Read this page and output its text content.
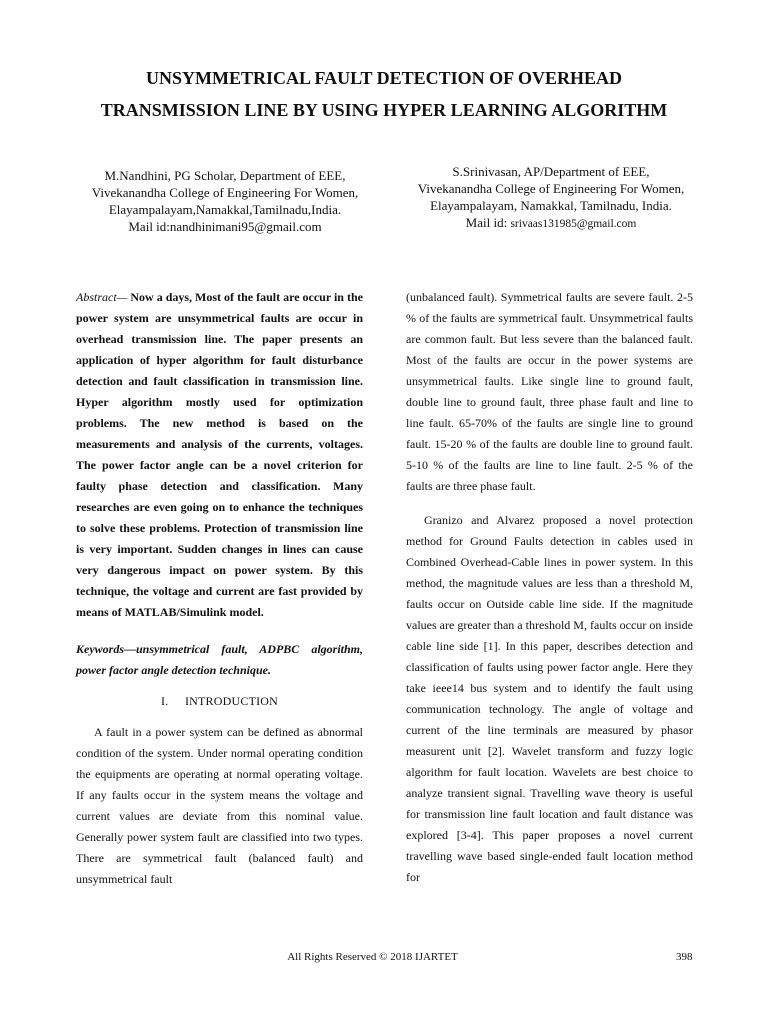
UNSYMMETRICAL FAULT DETECTION OF OVERHEAD
TRANSMISSION LINE BY USING HYPER LEARNING ALGORITHM
M.Nandhini, PG Scholar, Department of EEE,
Vivekanandha College of Engineering For Women,
Elayampalayam,Namakkal,Tamilnadu,India.
Mail id:nandhinimani95@gmail.com
S.Srinivasan, AP/Department of EEE,
Vivekanandha College of Engineering For Women,
Elayampalayam, Namakkal, Tamilnadu, India.
Mail id: srivaas131985@gmail.com

Abstract— Now a days, Most of the fault are occur in the power system are unsymmetrical faults are occur in overhead transmission line. The paper presents an application of hyper algorithm for fault disturbance detection and fault classification in transmission line. Hyper algorithm mostly used for optimization problems. The new method is based on the measurements and analysis of the currents, voltages. The power factor angle can be a novel criterion for faulty phase detection and classification. Many researches are even going on to enhance the techniques to solve these problems. Protection of transmission line is very important. Sudden changes in lines can cause very dangerous impact on power system. By this technique, the voltage and current are fast provided by means of MATLAB/Simulink model.

Keywords—unsymmetrical fault, ADPBC algorithm, power factor angle detection technique.

I. INTRODUCTION

A fault in a power system can be defined as abnormal condition of the system. Under normal operating condition the equipments are operating at normal operating voltage. If any faults occur in the system means the voltage and current values are deviate from this nominal value. Generally power system fault are classified into two types. There are symmetrical fault (balanced fault) and unsymmetrical fault

(unbalanced fault). Symmetrical faults are severe fault. 2-5 % of the faults are symmetrical fault. Unsymmetrical faults are common fault. But less severe than the balanced fault. Most of the faults are occur in the power systems are unsymmetrical faults. Like single line to ground fault, double line to ground fault, three phase fault and line to line fault. 65-70% of the faults are single line to ground fault. 15-20 % of the faults are double line to ground fault. 5-10 % of the faults are line to line fault. 2-5 % of the faults are three phase fault.

Granizo and Alvarez proposed a novel protection method for Ground Faults detection in cables used in Combined Overhead-Cable lines in power system. In this method, the magnitude values are less than a threshold M, faults occur on Outside cable line side. If the magnitude values are greater than a threshold M, faults occur on inside cable line side [1]. In this paper, describes detection and classification of faults using power factor angle. Here they take ieee14 bus system and to identify the fault using communication technology. The angle of voltage and current of the line terminals are measured by phasor measurent unit [2]. Wavelet transform and fuzzy logic algorithm for fault location. Wavelets are best choice to analyze transient signal. Travelling wave theory is useful for transmission line fault location and fault distance was explored [3-4]. This paper proposes a novel current travelling wave based single-ended fault location method for

All Rights Reserved © 2018 IJARTET	398
